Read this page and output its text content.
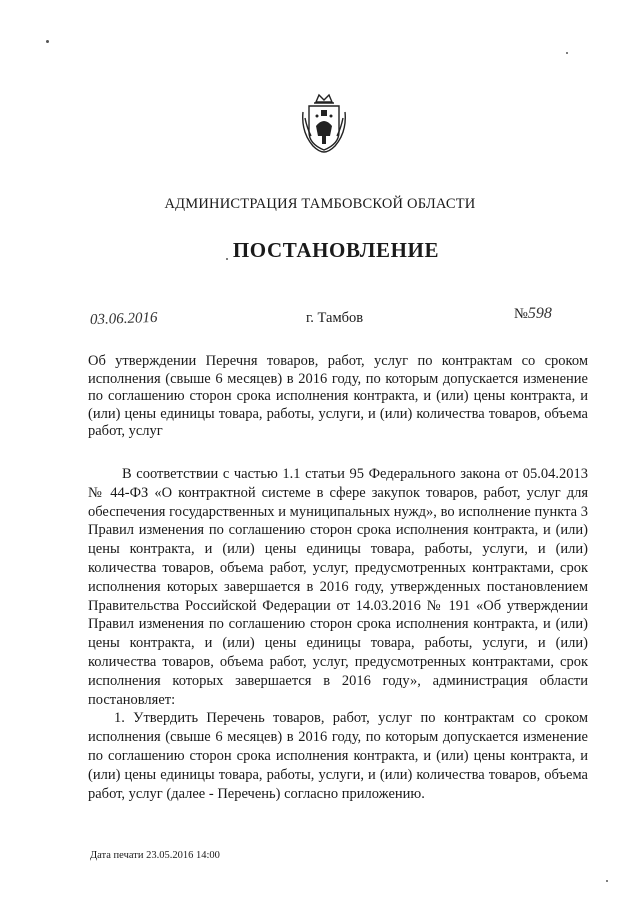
АДМИНИСТРАЦИЯ ТАМБОВСКОЙ ОБЛАСТИ
ПОСТАНОВЛЕНИЕ
03.06.2016	г. Тамбов	№598
Об утверждении Перечня товаров, работ, услуг по контрактам со сроком исполнения (свыше 6 месяцев) в 2016 году, по которым допускается изменение по соглашению сторон срока исполнения контракта, и (или) цены контракта, и (или) цены единицы товара, работы, услуги, и (или) количества товаров, объема работ, услуг

В соответствии с частью 1.1 статьи 95 Федерального закона от 05.04.2013 № 44-ФЗ «О контрактной системе в сфере закупок товаров, работ, услуг для обеспечения государственных и муниципальных нужд», во исполнение пункта 3 Правил изменения по соглашению сторон срока исполнения контракта, и (или) цены контракта, и (или) цены единицы товара, работы, услуги, и (или) количества товаров, объема работ, услуг, предусмотренных контрактами, срок исполнения которых завершается в 2016 году, утвержденных постановлением Правительства Российской Федерации от 14.03.2016 № 191 «Об утверждении Правил изменения по соглашению сторон срока исполнения контракта, и (или) цены контракта, и (или) цены единицы товара, работы, услуги, и (или) количества товаров, объема работ, услуг, предусмотренных контрактами, срок исполнения которых завершается в 2016 году», администрация области постановляет:

1. Утвердить Перечень товаров, работ, услуг по контрактам со сроком исполнения (свыше 6 месяцев) в 2016 году, по которым допускается изменение по соглашению сторон срока исполнения контракта, и (или) цены контракта, и (или) цены единицы товара, работы, услуги, и (или) количества товаров, объема работ, услуг (далее - Перечень) согласно приложению.

Дата печати 23.05.2016 14:00
